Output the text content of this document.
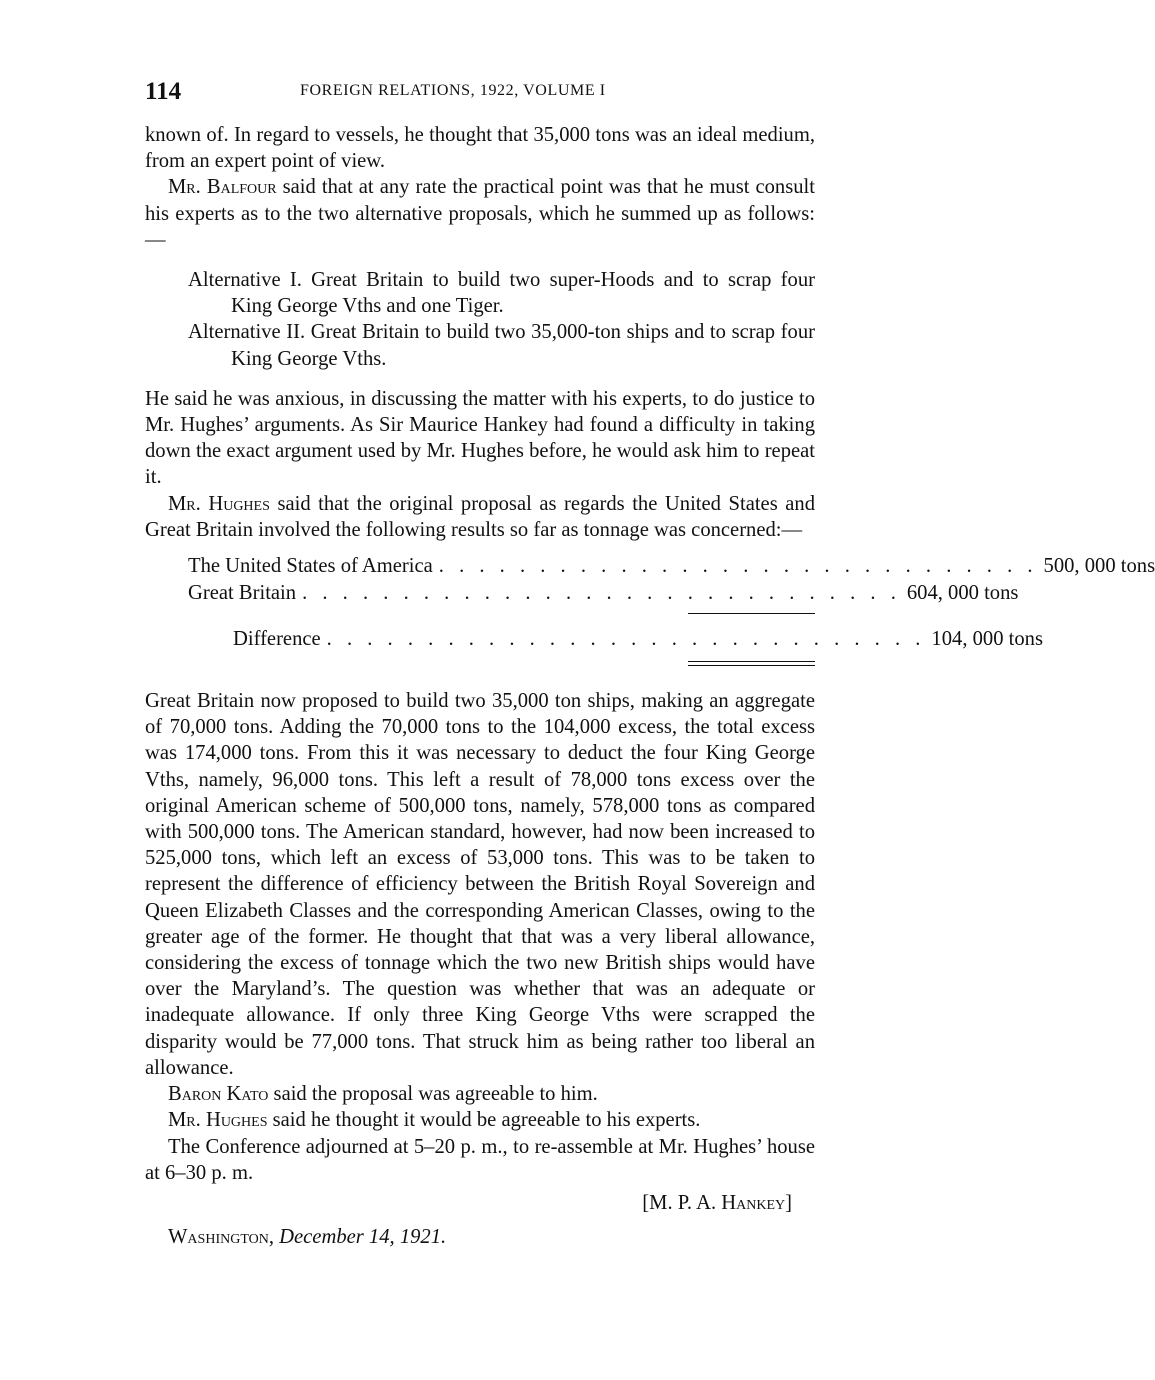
114	FOREIGN RELATIONS, 1922, VOLUME I

known of. In regard to vessels, he thought that 35,000 tons was an ideal medium, from an expert point of view.

Mr. Balfour said that at any rate the practical point was that he must consult his experts as to the two alternative proposals, which he summed up as follows:—

Alternative I. Great Britain to build two super-Hoods and to scrap four King George Vths and one Tiger.

Alternative II. Great Britain to build two 35,000-ton ships and to scrap four King George Vths.

He said he was anxious, in discussing the matter with his experts, to do justice to Mr. Hughes’ arguments. As Sir Maurice Hankey had found a difficulty in taking down the exact argument used by Mr. Hughes before, he would ask him to repeat it.

Mr. Hughes said that the original proposal as regards the United States and Great Britain involved the following results so far as tonnage was concerned:—

The United States of America . . . . . . . . . . . . . . . . . . . . . . . . . . . . . . 500, 000 tons
Great Britain . . . . . . . . . . . . . . . . . . . . . . . . . . . . . . 604, 000 tons
Difference . . . . . . . . . . . . . . . . . . . . . . . . . . . . . . 104, 000 tons

Great Britain now proposed to build two 35,000 ton ships, making an aggregate of 70,000 tons. Adding the 70,000 tons to the 104,000 excess, the total excess was 174,000 tons. From this it was necessary to deduct the four King George Vths, namely, 96,000 tons. This left a result of 78,000 tons excess over the original American scheme of 500,000 tons, namely, 578,000 tons as compared with 500,000 tons. The American standard, however, had now been increased to 525,000 tons, which left an excess of 53,000 tons. This was to be taken to represent the difference of efficiency between the British Royal Sovereign and Queen Elizabeth Classes and the corresponding American Classes, owing to the greater age of the former. He thought that that was a very liberal allowance, considering the excess of tonnage which the two new British ships would have over the Maryland’s. The question was whether that was an adequate or inadequate allowance. If only three King George Vths were scrapped the disparity would be 77,000 tons. That struck him as being rather too liberal an allowance.

Baron Kato said the proposal was agreeable to him.

Mr. Hughes said he thought it would be agreeable to his experts.

The Conference adjourned at 5–20 p. m., to re-assemble at Mr. Hughes’ house at 6–30 p. m.

[M. P. A. Hankey]

Washington, December 14, 1921.
